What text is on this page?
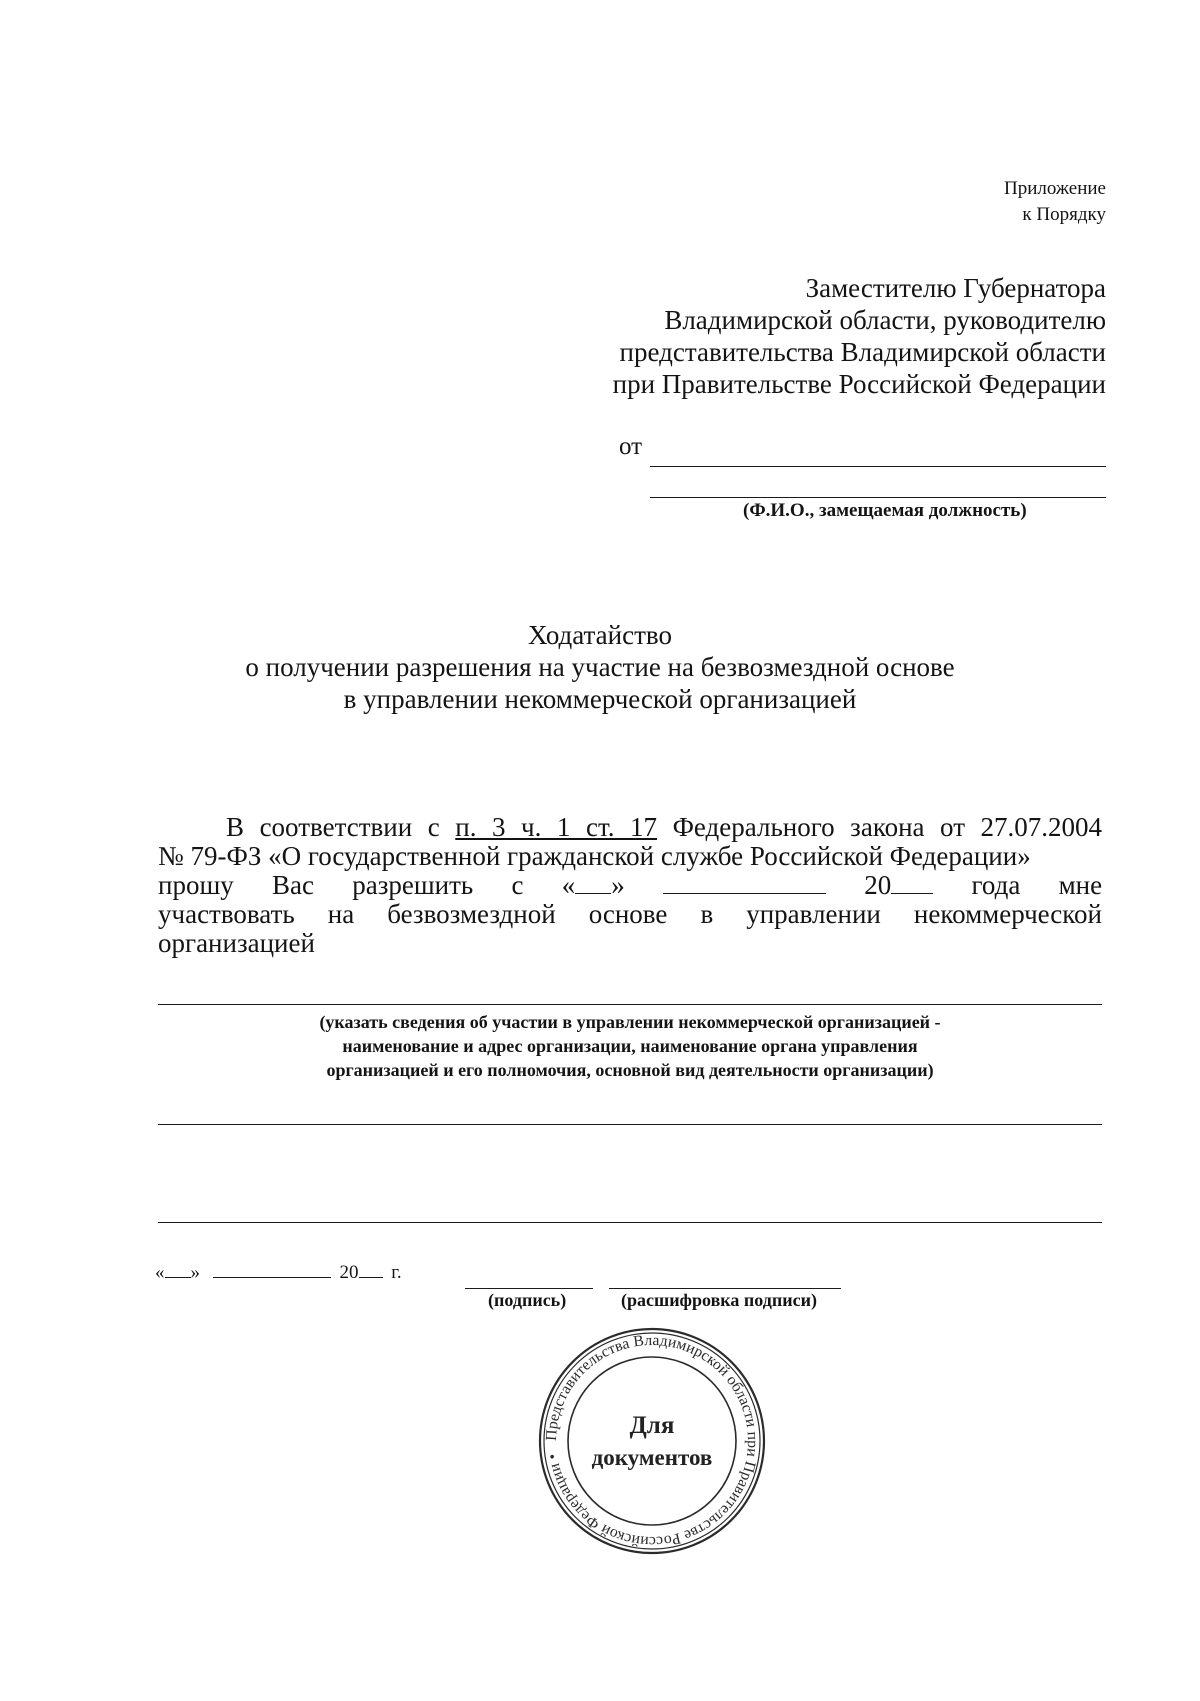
Приложение
к Порядку
Заместителю Губернатора
Владимирской области, руководителю
представительства Владимирской области
при Правительстве Российской Федерации
от
(Ф.И.О., замещаемая должность)
Ходатайство
о получении разрешения на участие на безвозмездной основе
в управлении некоммерческой организацией
В соответствии с п. 3 ч. 1 ст. 17 Федерального закона от 27.07.2004
№ 79-ФЗ «О государственной гражданской службе Российской Федерации»
прошу Вас разрешить с « »	20	года мне
участвовать на безвозмездной основе в управлении некоммерческой
организацией
(указать сведения об участии в управлении некоммерческой организацией -
наименование и адрес организации, наименование органа управления
организацией и его полномочия, основной вид деятельности организации)
« »	20 г.
(подпись)	(расшифровка подписи)
Представительства Владимирской области при Правительстве Российской Федерации •
Для
документов
